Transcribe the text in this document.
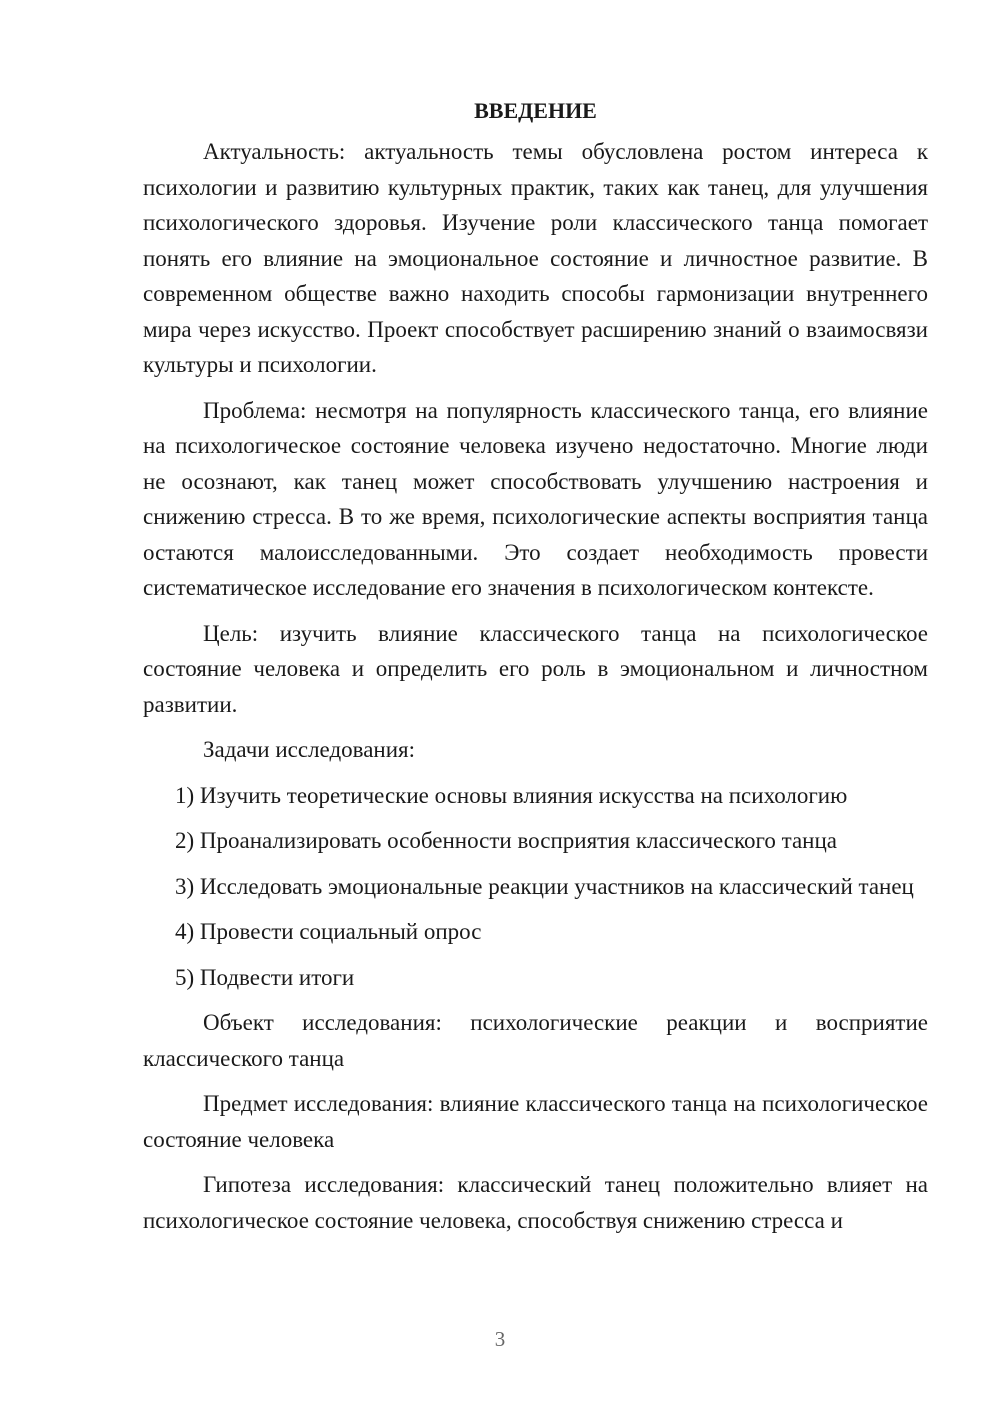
ВВЕДЕНИЕ

Актуальность: актуальность темы обусловлена ростом интереса к психологии и развитию культурных практик, таких как танец, для улучшения психологического здоровья. Изучение роли классического танца помогает понять его влияние на эмоциональное состояние и личностное развитие. В современном обществе важно находить способы гармонизации внутреннего мира через искусство. Проект способствует расширению знаний о взаимосвязи культуры и психологии.

Проблема: несмотря на популярность классического танца, его влияние на психологическое состояние человека изучено недостаточно. Многие люди не осознают, как танец может способствовать улучшению настроения и снижению стресса. В то же время, психологические аспекты восприятия танца остаются малоисследованными. Это создает необходимость провести систематическое исследование его значения в психологическом контексте.

Цель: изучить влияние классического танца на психологическое состояние человека и определить его роль в эмоциональном и личностном развитии.

Задачи исследования:

1) Изучить теоретические основы влияния искусства на психологию

2) Проанализировать особенности восприятия классического танца

3) Исследовать эмоциональные реакции участников на классический танец

4) Провести социальный опрос

5) Подвести итоги

Объект исследования: психологические реакции и восприятие классического танца

Предмет исследования: влияние классического танца на психологическое состояние человека

Гипотеза исследования: классический танец положительно влияет на психологическое состояние человека, способствуя снижению стресса и

3
